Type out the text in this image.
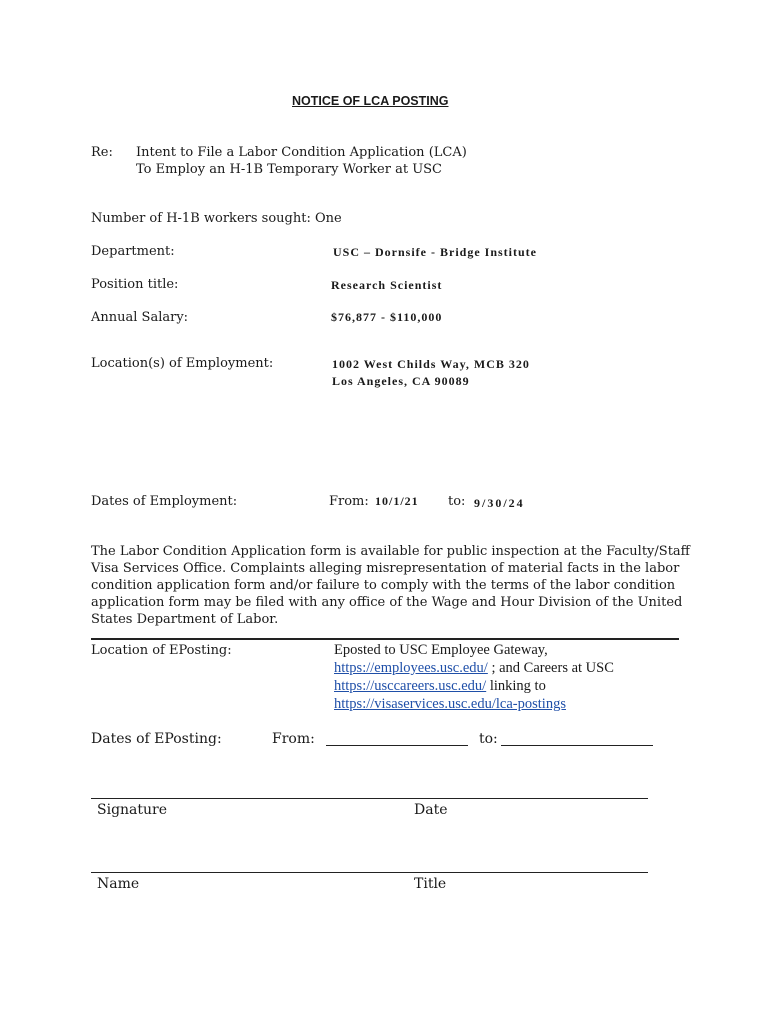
NOTICE OF LCA POSTING
Re: Intent to File a Labor Condition Application (LCA)
To Employ an H-1B Temporary Worker at USC
Number of H-1B workers sought: One
Department:	USC – Dornsife - Bridge Institute
Position title:	Research Scientist
Annual Salary:	$76,877 - $110,000
Location(s) of Employment:	1002 West Childs Way, MCB 320
Los Angeles, CA 90089
Dates of Employment:	From: 10/1/21 to: 9/30/24
The Labor Condition Application form is available for public inspection at the Faculty/Staff Visa Services Office. Complaints alleging misrepresentation of material facts in the labor condition application form and/or failure to comply with the terms of the labor condition application form may be filed with any office of the Wage and Hour Division of the United States Department of Labor.
Location of EPosting:	Eposted to USC Employee Gateway,
https://employees.usc.edu/ ; and Careers at USC
https://usccareers.usc.edu/ linking to
https://visaservices.usc.edu/lca-postings
Dates of EPosting:	From:	to:
Signature	Date
Name	Title
